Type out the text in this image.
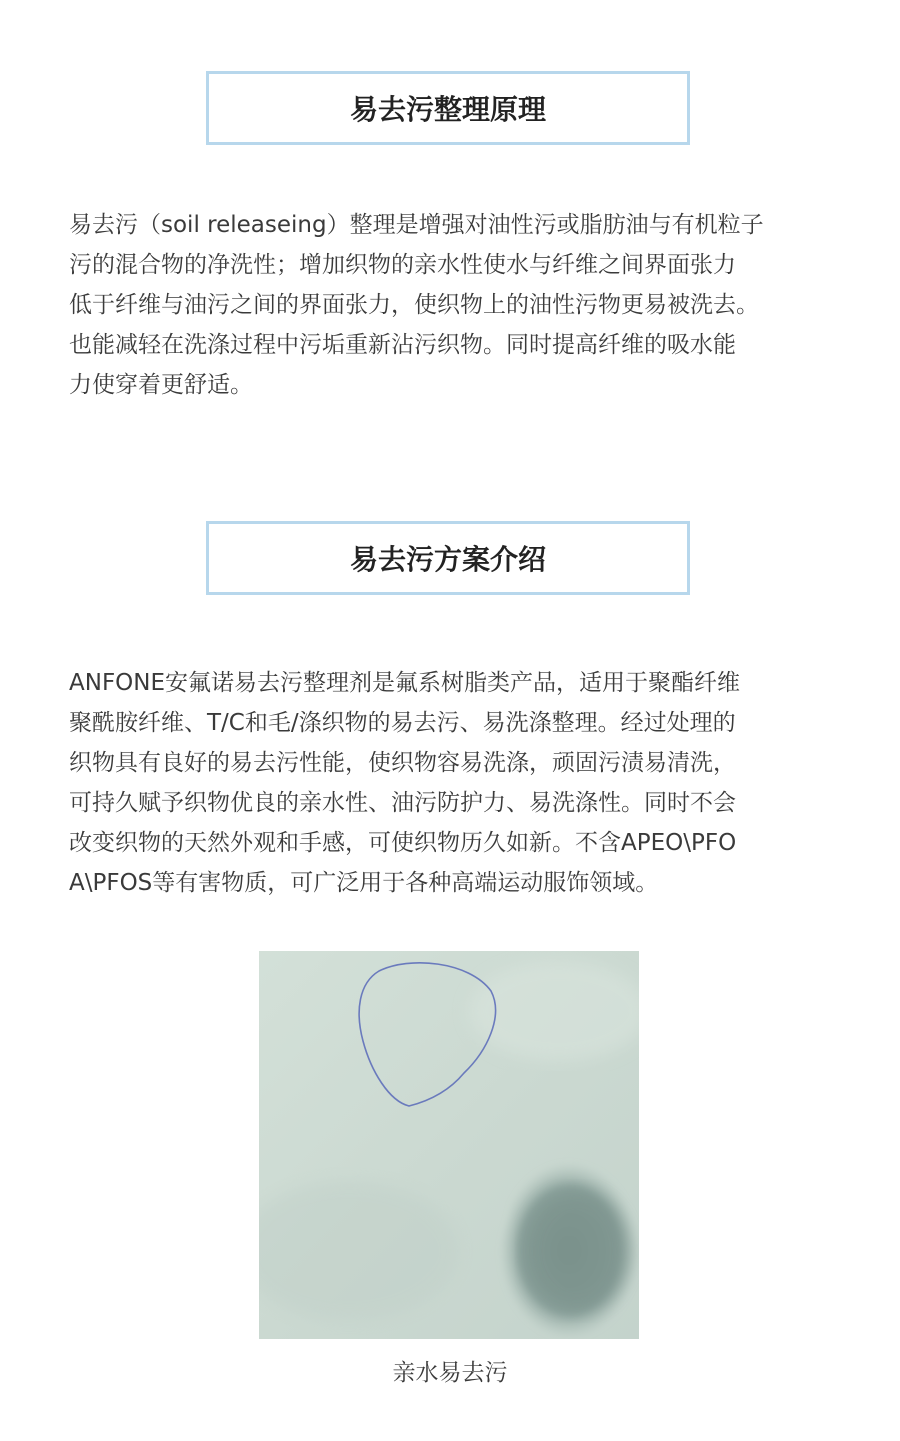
易去污整理原理

易去污（soil releaseing）整理是增强对油性污或脂肪油与有机粒子
污的混合物的净洗性；增加织物的亲水性使水与纤维之间界面张力
低于纤维与油污之间的界面张力，使织物上的油性污物更易被洗去。
也能减轻在洗涤过程中污垢重新沾污织物。同时提高纤维的吸水能
力使穿着更舒适。

易去污方案介绍

ANFONE安氟诺易去污整理剂是氟系树脂类产品，适用于聚酯纤维
聚酰胺纤维、T/C和毛/涤织物的易去污、易洗涤整理。经过处理的
织物具有良好的易去污性能，使织物容易洗涤，顽固污渍易清洗，
可持久赋予织物优良的亲水性、油污防护力、易洗涤性。同时不会
改变织物的天然外观和手感，可使织物历久如新。不含APEO\PFO
A\PFOS等有害物质，可广泛用于各种高端运动服饰领域。

亲水易去污
